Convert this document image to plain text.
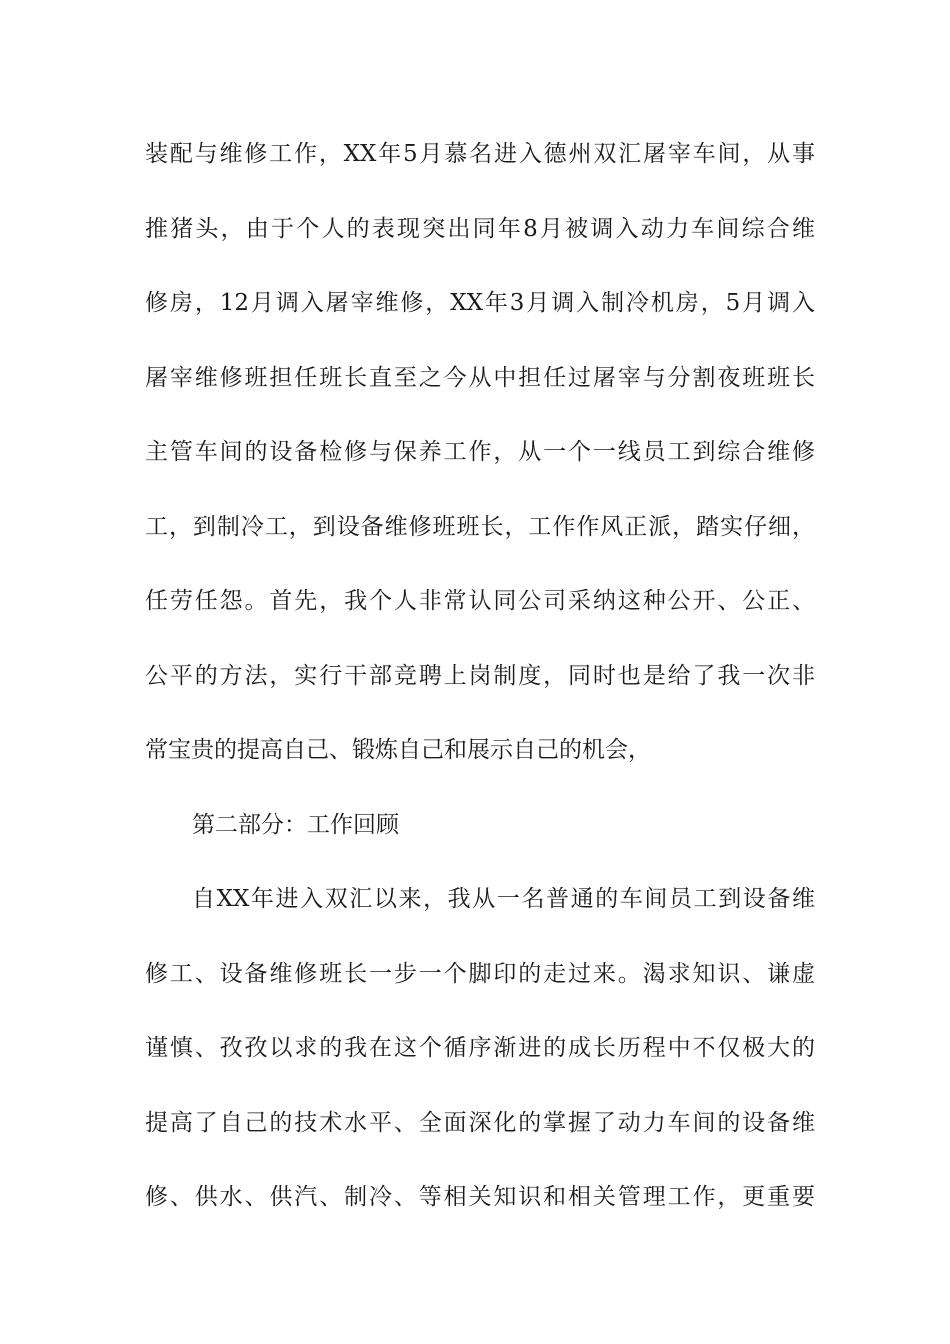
装配与维修工作，XX年5月慕名进入德州双汇屠宰车间，从事
推猪头，由于个人的表现突出同年8月被调入动力车间综合维
修房，12月调入屠宰维修，XX年3月调入制冷机房，5月调入
屠宰维修班担任班长直至之今从中担任过屠宰与分割夜班班长
主管车间的设备检修与保养工作，从一个一线员工到综合维修
工，到制冷工，到设备维修班班长，工作作风正派，踏实仔细，
任劳任怨。首先，我个人非常认同公司采纳这种公开、公正、
公平的方法，实行干部竞聘上岗制度，同时也是给了我一次非
常宝贵的提高自己、锻炼自己和展示自己的机会，
第二部分：工作回顾
自XX年进入双汇以来，我从一名普通的车间员工到设备维
修工、设备维修班长一步一个脚印的走过来。渴求知识、谦虚
谨慎、孜孜以求的我在这个循序渐进的成长历程中不仅极大的
提高了自己的技术水平、全面深化的掌握了动力车间的设备维
修、供水、供汽、制冷、等相关知识和相关管理工作，更重要
